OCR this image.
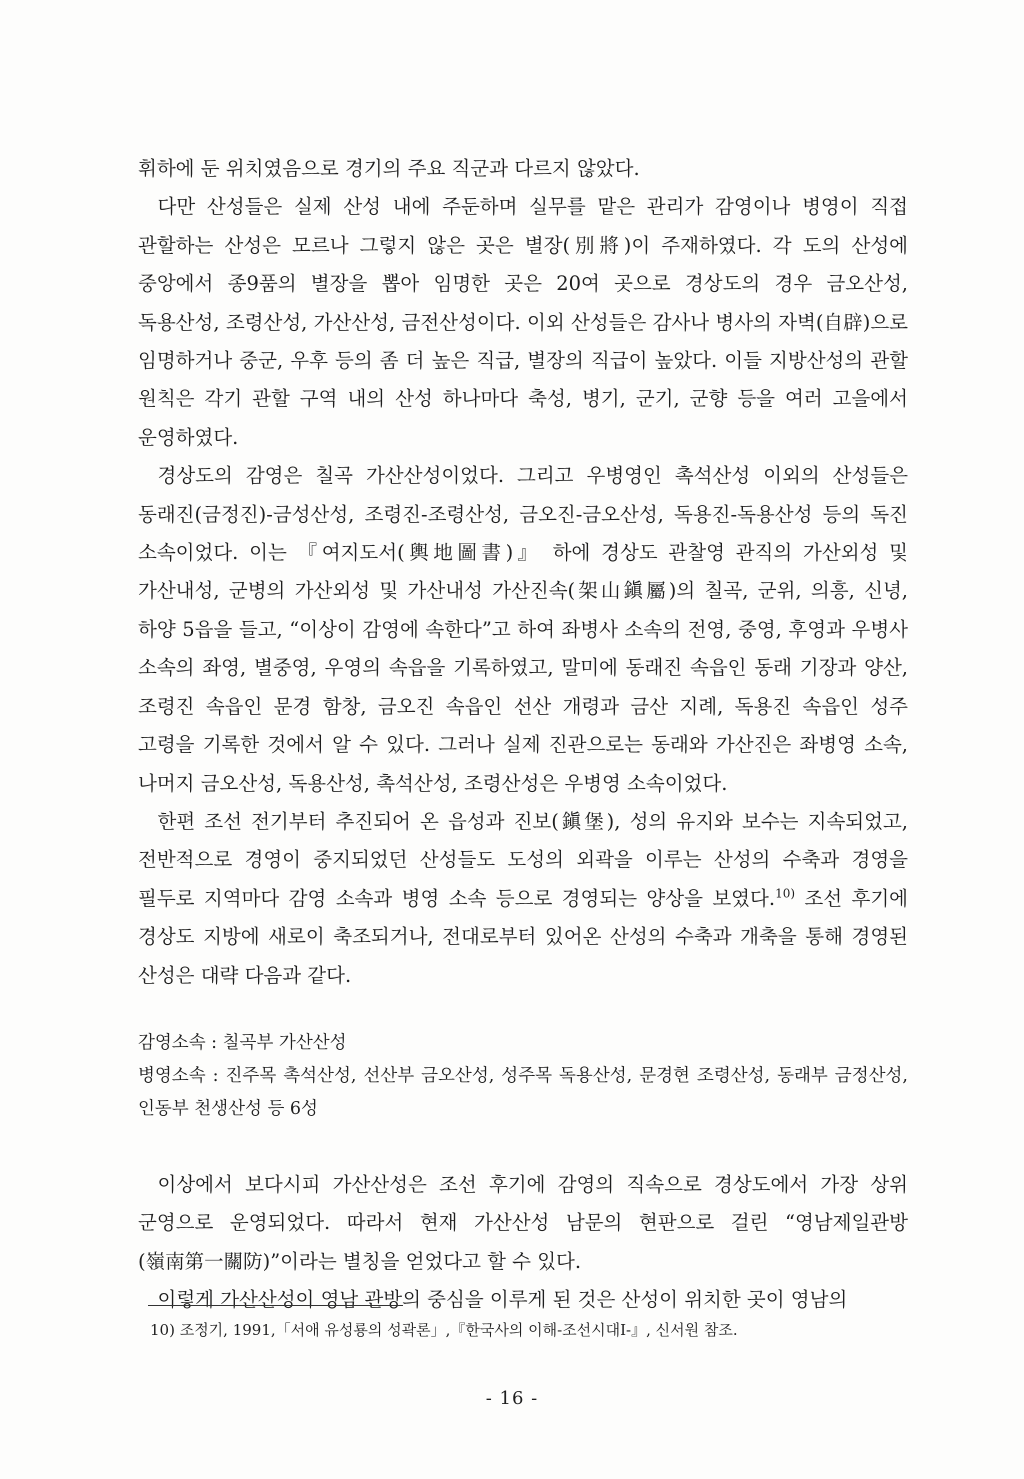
휘하에 둔 위치였음으로 경기의 주요 직군과 다르지 않았다.

다만 산성들은 실제 산성 내에 주둔하며 실무를 맡은 관리가 감영이나 병영이 직접 관할하는 산성은 모르나 그렇지 않은 곳은 별장(別將)이 주재하였다. 각 도의 산성에 중앙에서 종9품의 별장을 뽑아 임명한 곳은 20여 곳으로 경상도의 경우 금오산성, 독용산성, 조령산성, 가산산성, 금전산성이다. 이외 산성들은 감사나 병사의 자벽(自辟)으로 임명하거나 중군, 우후 등의 좀 더 높은 직급, 별장의 직급이 높았다. 이들 지방산성의 관할 원칙은 각기 관할 구역 내의 산성 하나마다 축성, 병기, 군기, 군향 등을 여러 고을에서 운영하였다.

경상도의 감영은 칠곡 가산산성이었다. 그리고 우병영인 촉석산성 이외의 산성들은 동래진(금정진)-금성산성, 조령진-조령산성, 금오진-금오산성, 독용진-독용산성 등의 독진 소속이었다. 이는 『여지도서(輿地圖書)』 하에 경상도 관찰영 관직의 가산외성 및 가산내성, 군병의 가산외성 및 가산내성 가산진속(架山鎭屬)의 칠곡, 군위, 의흥, 신녕, 하양 5읍을 들고, “이상이 감영에 속한다”고 하여 좌병사 소속의 전영, 중영, 후영과 우병사 소속의 좌영, 별중영, 우영의 속읍을 기록하였고, 말미에 동래진 속읍인 동래 기장과 양산, 조령진 속읍인 문경 함창, 금오진 속읍인 선산 개령과 금산 지례, 독용진 속읍인 성주 고령을 기록한 것에서 알 수 있다. 그러나 실제 진관으로는 동래와 가산진은 좌병영 소속, 나머지 금오산성, 독용산성, 촉석산성, 조령산성은 우병영 소속이었다.

한편 조선 전기부터 추진되어 온 읍성과 진보(鎭堡), 성의 유지와 보수는 지속되었고, 전반적으로 경영이 중지되었던 산성들도 도성의 외곽을 이루는 산성의 수축과 경영을 필두로 지역마다 감영 소속과 병영 소속 등으로 경영되는 양상을 보였다.$^{10)}$ 조선 후기에 경상도 지방에 새로이 축조되거나, 전대로부터 있어온 산성의 수축과 개축을 통해 경영된 산성은 대략 다음과 같다.

감영소속 : 칠곡부 가산산성
병영소속 : 진주목 촉석산성, 선산부 금오산성, 성주목 독용산성, 문경현 조령산성, 동래부 금정산성, 인동부 천생산성 등 6성

이상에서 보다시피 가산산성은 조선 후기에 감영의 직속으로 경상도에서 가장 상위 군영으로 운영되었다. 따라서 현재 가산산성 남문의 현판으로 걸린 “영남제일관방(嶺南第一關防)”이라는 별칭을 얻었다고 할 수 있다.

이렇게 가산산성이 영남 관방의 중심을 이루게 된 것은 산성이 위치한 곳이 영남의

10) 조정기, 1991,「서애 유성룡의 성곽론」,『한국사의 이해-조선시대Ⅰ-』, 신서원 참조.
- 16 -
